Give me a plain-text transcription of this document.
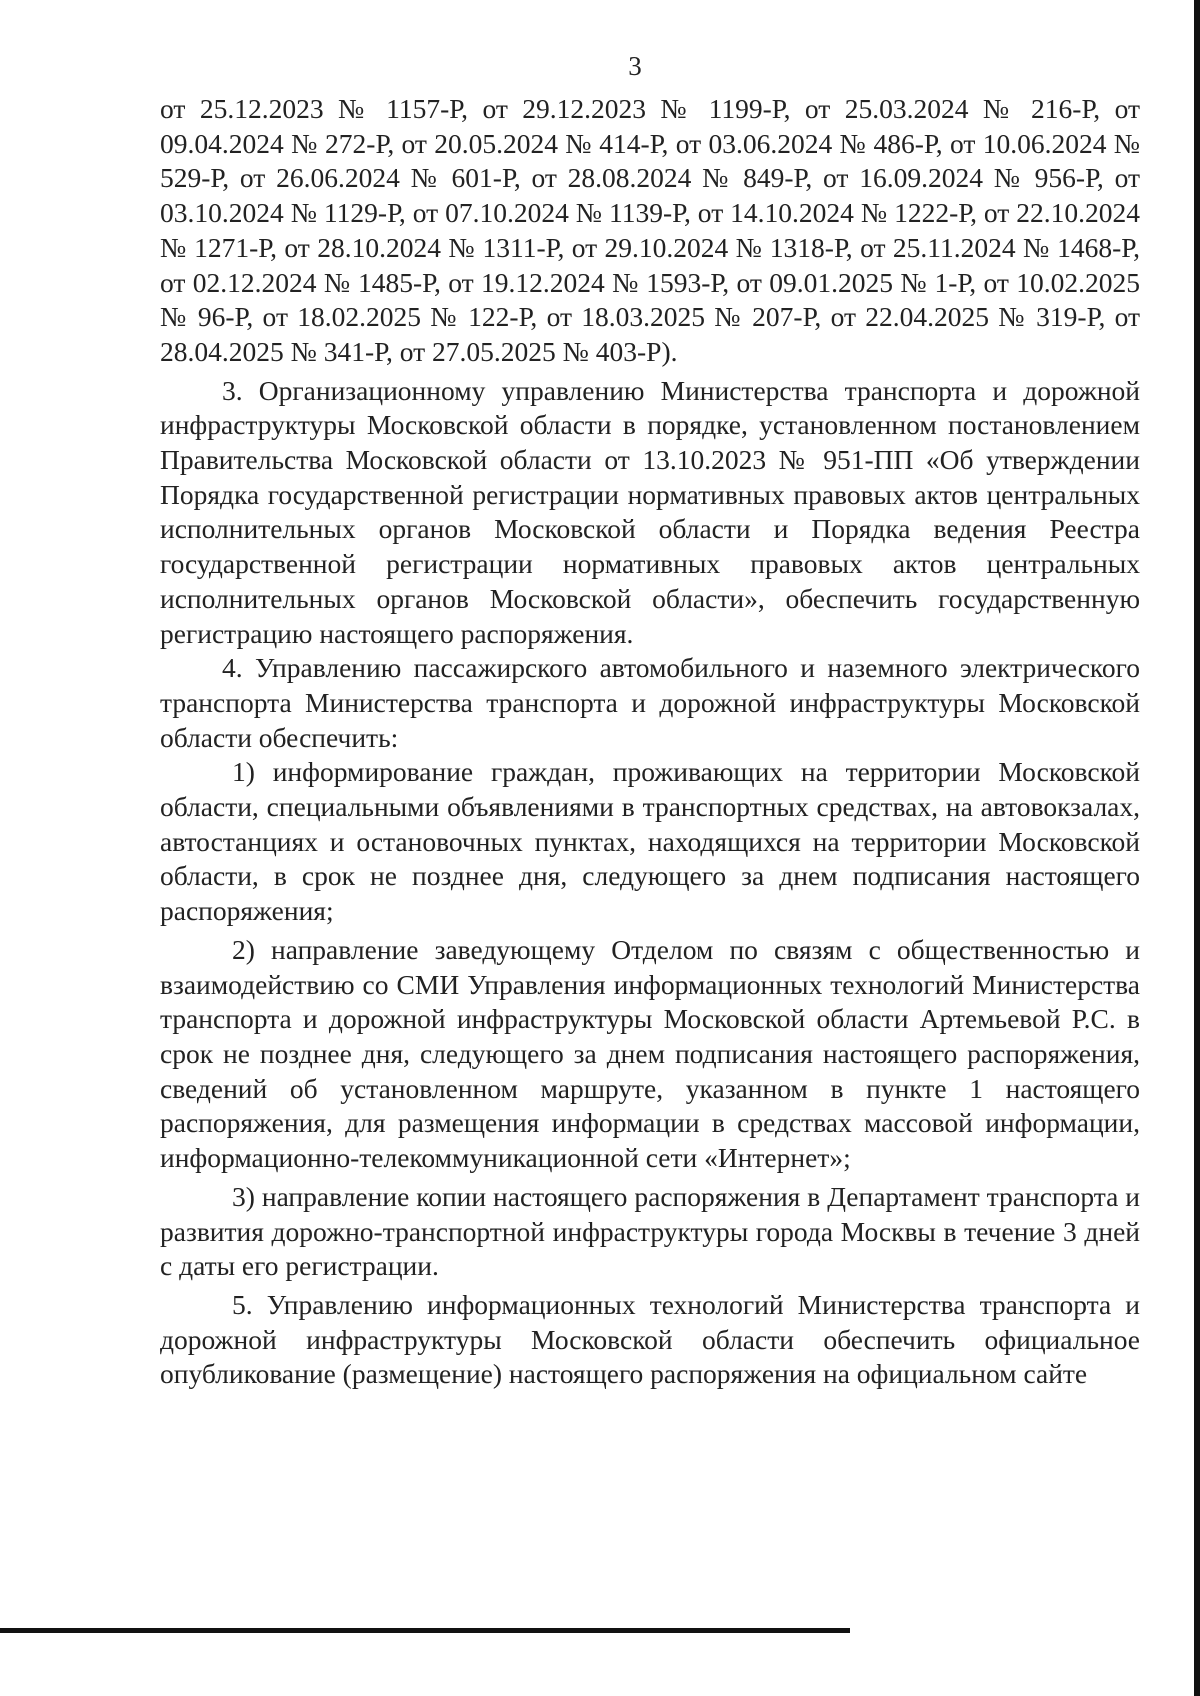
3

от 25.12.2023 № 1157-Р, от 29.12.2023 № 1199-Р, от 25.03.2024 № 216-Р, от 09.04.2024 № 272-Р, от 20.05.2024 № 414-Р, от 03.06.2024 № 486-Р, от 10.06.2024 № 529-Р, от 26.06.2024 № 601-Р, от 28.08.2024 № 849-Р, от 16.09.2024 № 956-Р, от 03.10.2024 № 1129-Р, от 07.10.2024 № 1139-Р, от 14.10.2024 № 1222-Р, от 22.10.2024 № 1271-Р, от 28.10.2024 № 1311-Р, от 29.10.2024 № 1318-Р, от 25.11.2024 № 1468-Р, от 02.12.2024 № 1485-Р, от 19.12.2024 № 1593-Р, от 09.01.2025 № 1-Р, от 10.02.2025 № 96-Р, от 18.02.2025 № 122-Р, от 18.03.2025 № 207-Р, от 22.04.2025 № 319-Р, от 28.04.2025 № 341-Р, от 27.05.2025 № 403-Р).

3. Организационному управлению Министерства транспорта и дорожной инфраструктуры Московской области в порядке, установленном постановлением Правительства Московской области от 13.10.2023 № 951-ПП «Об утверждении Порядка государственной регистрации нормативных правовых актов центральных исполнительных органов Московской области и Порядка ведения Реестра государственной регистрации нормативных правовых актов центральных исполнительных органов Московской области», обеспечить государственную регистрацию настоящего распоряжения.

4. Управлению пассажирского автомобильного и наземного электрического транспорта Министерства транспорта и дорожной инфраструктуры Московской области обеспечить:

1) информирование граждан, проживающих на территории Московской области, специальными объявлениями в транспортных средствах, на автовокзалах, автостанциях и остановочных пунктах, находящихся на территории Московской области, в срок не позднее дня, следующего за днем подписания настоящего распоряжения;

2) направление заведующему Отделом по связям с общественностью и взаимодействию со СМИ Управления информационных технологий Министерства транспорта и дорожной инфраструктуры Московской области Артемьевой Р.С. в срок не позднее дня, следующего за днем подписания настоящего распоряжения, сведений об установленном маршруте, указанном в пункте 1 настоящего распоряжения, для размещения информации в средствах массовой информации, информационно-телекоммуникационной сети «Интернет»;

3) направление копии настоящего распоряжения в Департамент транспорта и развития дорожно-транспортной инфраструктуры города Москвы в течение 3 дней с даты его регистрации.

5. Управлению информационных технологий Министерства транспорта и дорожной инфраструктуры Московской области обеспечить официальное опубликование (размещение) настоящего распоряжения на официальном сайте
